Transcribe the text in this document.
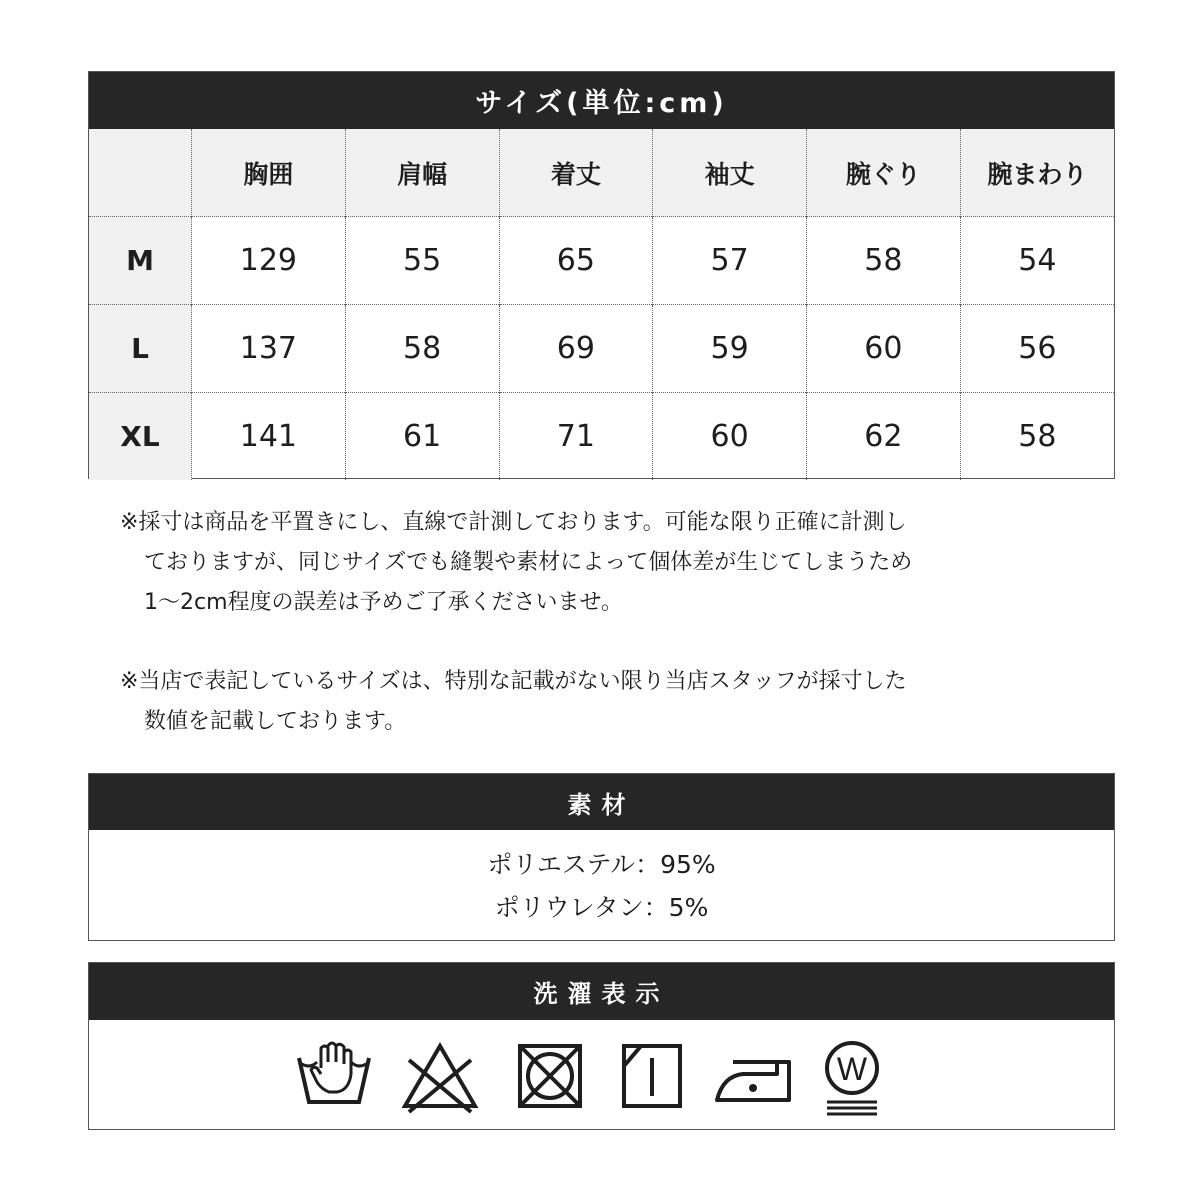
サイズ(単位:cm)
	胸囲	肩幅	着丈	袖丈	腕ぐり	腕まわり
M	129	55	65	57	58	54
L	137	58	69	59	60	56
XL	141	61	71	60	62	58
※採寸は商品を平置きにし、直線で計測しております。可能な限り正確に計測し
ておりますが、同じサイズでも縫製や素材によって個体差が生じてしまうため
1〜2cm程度の誤差は予めご了承くださいませ。
※当店で表記しているサイズは、特別な記載がない限り当店スタッフが採寸した
数値を記載しております。
素材
ポリエステル：95%
ポリウレタン：5%
洗濯表示
W
